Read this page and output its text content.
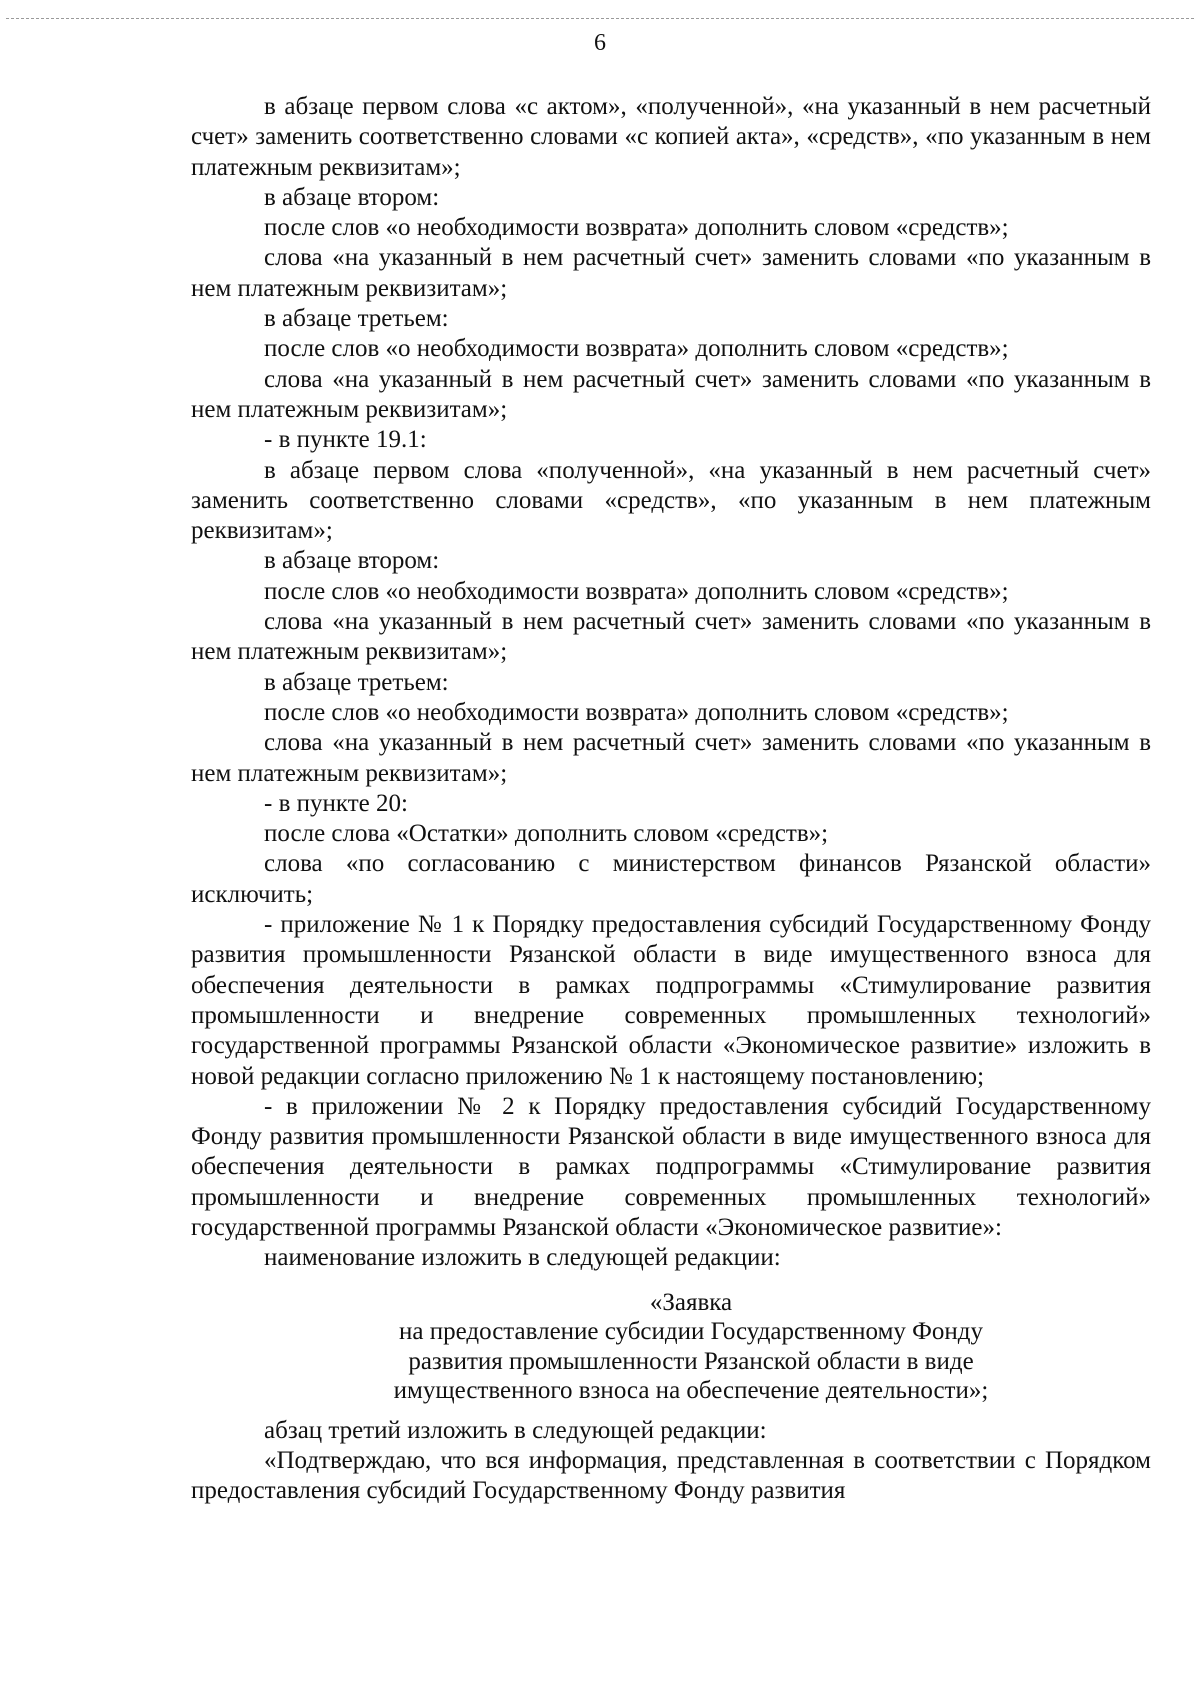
6

в абзаце первом слова «с актом», «полученной», «на указанный в нем расчетный счет» заменить соответственно словами «с копией акта», «средств», «по указанным в нем платежным реквизитам»;

в абзаце втором:

после слов «о необходимости возврата» дополнить словом «средств»;

слова «на указанный в нем расчетный счет» заменить словами «по указанным в нем платежным реквизитам»;

в абзаце третьем:

после слов «о необходимости возврата» дополнить словом «средств»;

слова «на указанный в нем расчетный счет» заменить словами «по указанным в нем платежным реквизитам»;

- в пункте 19.1:

в абзаце первом слова «полученной», «на указанный в нем расчетный счет» заменить соответственно словами «средств», «по указанным в нем платежным реквизитам»;

в абзаце втором:

после слов «о необходимости возврата» дополнить словом «средств»;

слова «на указанный в нем расчетный счет» заменить словами «по указанным в нем платежным реквизитам»;

в абзаце третьем:

после слов «о необходимости возврата» дополнить словом «средств»;

слова «на указанный в нем расчетный счет» заменить словами «по указанным в нем платежным реквизитам»;

- в пункте 20:

после слова «Остатки» дополнить словом «средств»;

слова «по согласованию с министерством финансов Рязанской области» исключить;

- приложение № 1 к Порядку предоставления субсидий Государственному Фонду развития промышленности Рязанской области в виде имущественного взноса для обеспечения деятельности в рамках подпрограммы «Стимулирование развития промышленности и внедрение современных промышленных технологий» государственной программы Рязанской области «Экономическое развитие» изложить в новой редакции согласно приложению № 1 к настоящему постановлению;

- в приложении № 2 к Порядку предоставления субсидий Государственному Фонду развития промышленности Рязанской области в виде имущественного взноса для обеспечения деятельности в рамках подпрограммы «Стимулирование развития промышленности и внедрение современных промышленных технологий» государственной программы Рязанской области «Экономическое развитие»:

наименование изложить в следующей редакции:

«Заявка
на предоставление субсидии Государственному Фонду
развития промышленности Рязанской области в виде
имущественного взноса на обеспечение деятельности»;

абзац третий изложить в следующей редакции:

«Подтверждаю, что вся информация, представленная в соответствии с Порядком предоставления субсидий Государственному Фонду развития
